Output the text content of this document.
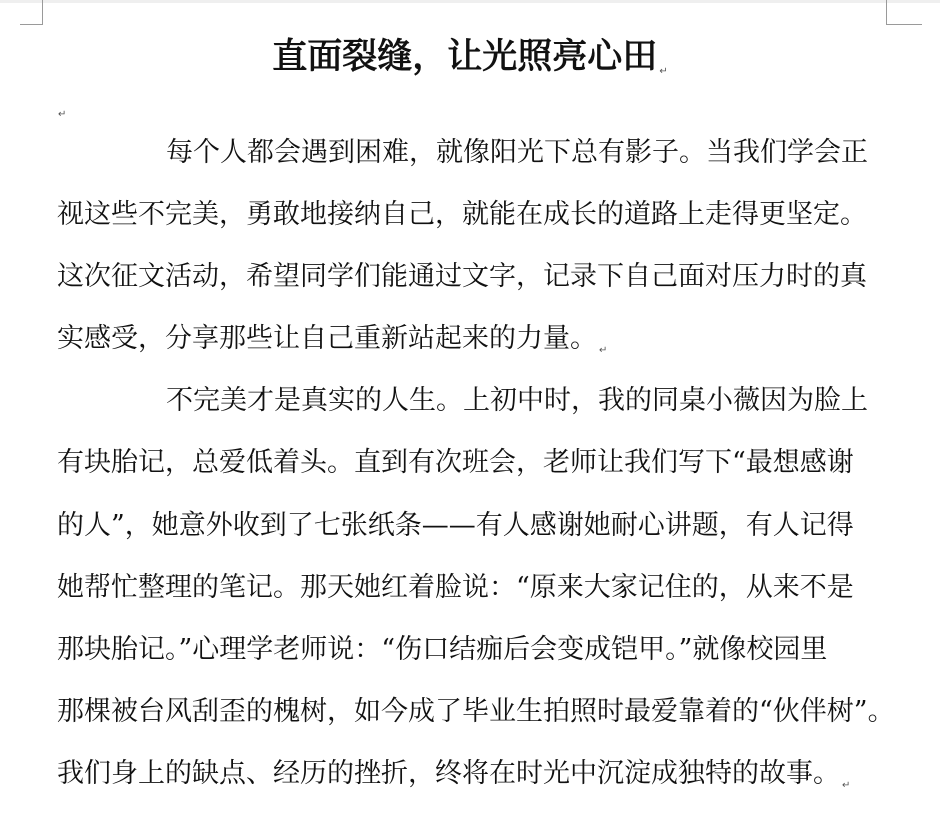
直面裂缝，让光照亮心田 ↵
$_↵$
每个人都会遇到困难，就像阳光下总有影子。当我们学会正
视这些不完美，勇敢地接纳自己，就能在成长的道路上走得更坚定。
这次征文活动，希望同学们能通过文字，记录下自己面对压力时的真
实感受，分享那些让自己重新站起来的力量。 $_↵$
不完美才是真实的人生。上初中时，我的同桌小薇因为脸上
有块胎记，总爱低着头。直到有次班会，老师让我们写下“最想感谢
的人”，她意外收到了七张纸条——有人感谢她耐心讲题，有人记得
她帮忙整理的笔记。那天她红着脸说：“原来大家记住的，从来不是
那块胎记。”心理学老师说：“伤口结痂后会变成铠甲。”就像校园里
那棵被台风刮歪的槐树，如今成了毕业生拍照时最爱靠着的“伙伴树”。
我们身上的缺点、经历的挫折，终将在时光中沉淀成独特的故事。 $_↵$
